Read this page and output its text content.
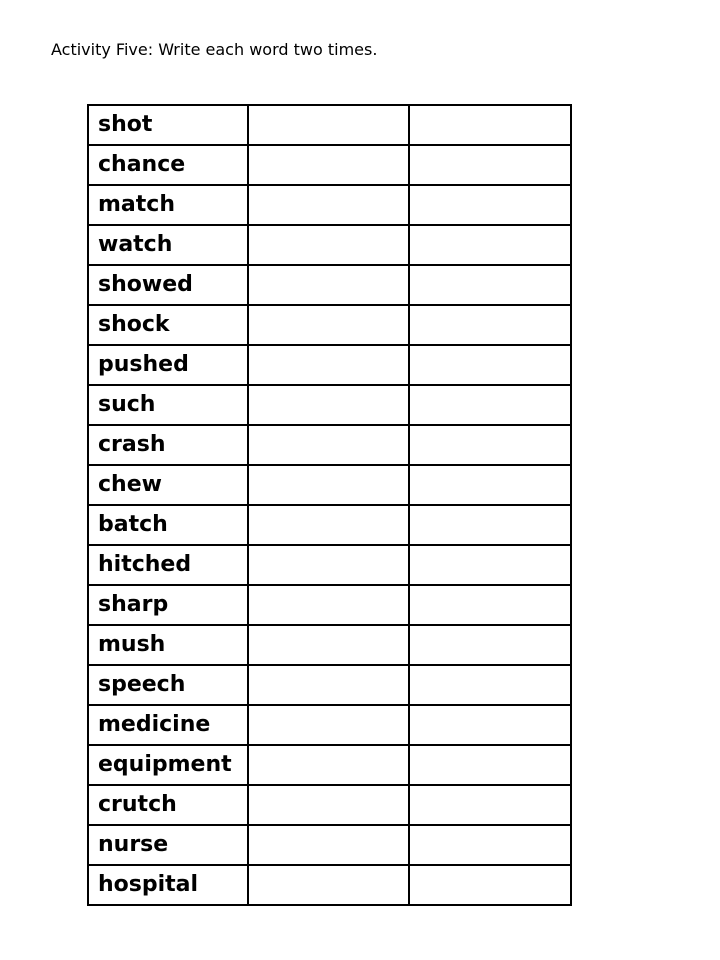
Activity Five: Write each word two times.
shot		
chance		
match		
watch		
showed		
shock		
pushed		
such		
crash		
chew		
batch		
hitched		
sharp		
mush		
speech		
medicine		
equipment		
crutch		
nurse		
hospital		
